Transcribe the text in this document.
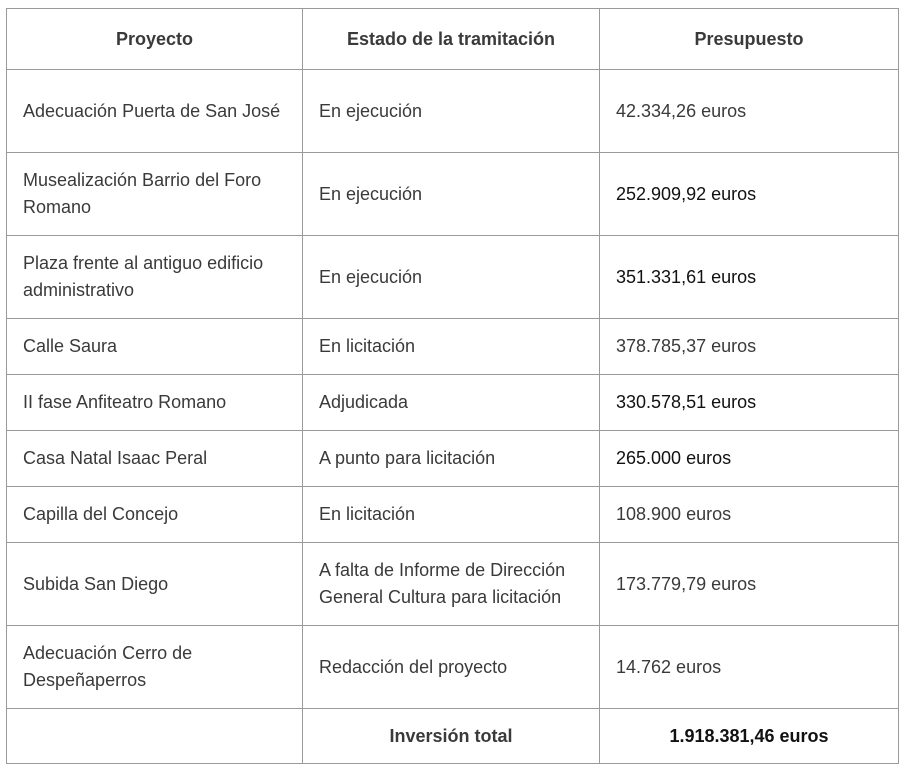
Proyecto	Estado de la tramitación	Presupuesto
Adecuación Puerta de San José	En ejecución	42.334,26 euros
Musealización Barrio del Foro Romano	En ejecución	252.909,92 euros
Plaza frente al antiguo edificio administrativo	En ejecución	351.331,61 euros
Calle Saura	En licitación	378.785,37 euros
II fase Anfiteatro Romano	Adjudicada	330.578,51 euros
Casa Natal Isaac Peral	A punto para licitación	265.000 euros
Capilla del Concejo	En licitación	108.900 euros
Subida San Diego	A falta de Informe de Dirección General Cultura para licitación	173.779,79 euros
Adecuación Cerro de Despeñaperros	Redacción del proyecto	14.762 euros
	Inversión total	1.918.381,46 euros
